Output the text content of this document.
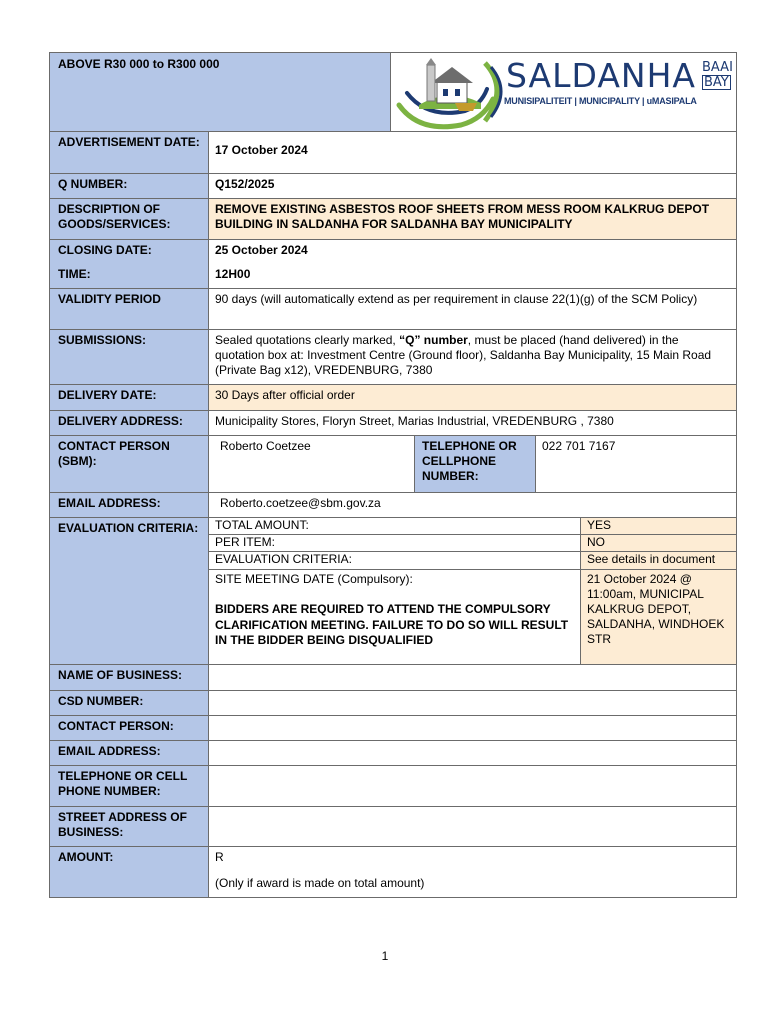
ABOVE R30 000 to R300 000	SALDANHA BAAI
BAY
MUNISIPALITEIT | MUNICIPALITY | uMASIPALA
ADVERTISEMENT DATE:
17 October 2024
Q NUMBER:	Q152/2025
DESCRIPTION OF GOODS/SERVICES:
REMOVE EXISTING ASBESTOS ROOF SHEETS FROM MESS ROOM KALKRUG DEPOT BUILDING IN SALDANHA FOR SALDANHA BAY MUNICIPALITY
CLOSING DATE:	25 October 2024
TIME:	12H00
VALIDITY PERIOD	90 days (will automatically extend as per requirement in clause 22(1)(g) of the SCM Policy)
SUBMISSIONS:	Sealed quotations clearly marked, “Q” number, must be placed (hand delivered) in the quotation box at: Investment Centre (Ground floor), Saldanha Bay Municipality, 15 Main Road (Private Bag x12), VREDENBURG, 7380
DELIVERY DATE:	30 Days after official order
DELIVERY ADDRESS:	Municipality Stores, Floryn Street, Marias Industrial, VREDENBURG , 7380
CONTACT PERSON (SBM):
Roberto Coetzee	TELEPHONE OR CELLPHONE NUMBER:
022 701 7167
EMAIL ADDRESS:	Roberto.coetzee@sbm.gov.za
EVALUATION CRITERIA:	TOTAL AMOUNT:	YES
PER ITEM:	NO
EVALUATION CRITERIA:	See details in document
SITE MEETING DATE (Compulsory):	21 October 2024 @ 11:00am, MUNICIPAL KALKRUG DEPOT, SALDANHA, WINDHOEK STR
BIDDERS ARE REQUIRED TO ATTEND THE COMPULSORY CLARIFICATION MEETING. FAILURE TO DO SO WILL RESULT IN THE BIDDER BEING DISQUALIFIED
NAME OF BUSINESS:
CSD NUMBER:
CONTACT PERSON:
EMAIL ADDRESS:
TELEPHONE OR CELL PHONE NUMBER:
STREET ADDRESS OF BUSINESS:
AMOUNT:	R
(Only if award is made on total amount)
1
